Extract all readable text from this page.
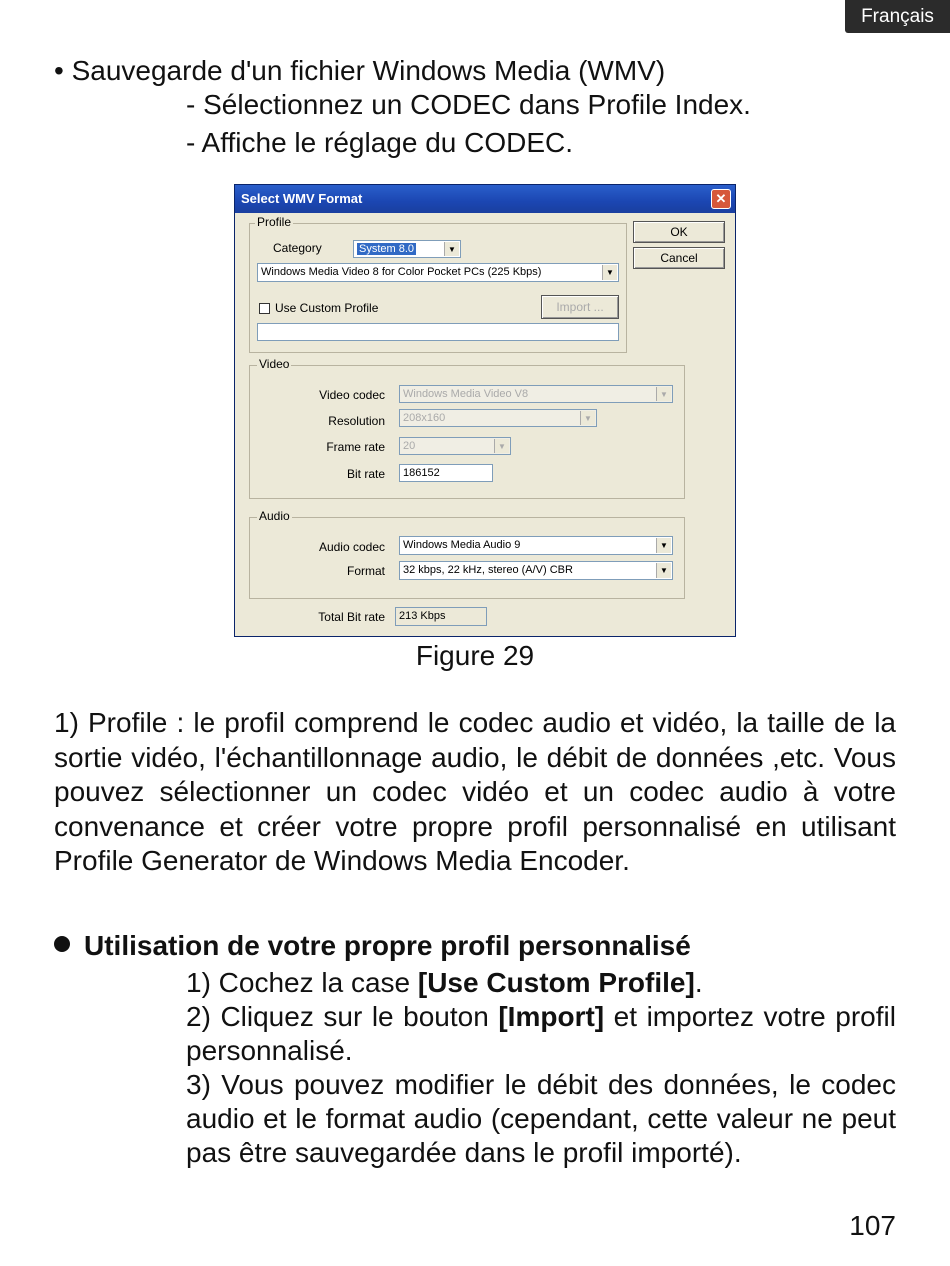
Français
• Sauvegarde d'un fichier Windows Media (WMV)
- Sélectionnez un CODEC dans Profile Index.
- Affiche le réglage du CODEC.
Select WMV Format	✕
OK
Cancel
Profile
Category	System 8.0	▼
Windows Media Video 8 for Color Pocket PCs (225 Kbps)	▼
Use Custom Profile	Import ...
Video
Video codec	Windows Media Video V8	▼
Resolution	208x160	▼
Frame rate	20	▼
Bit rate	186152
Audio
Audio codec	Windows Media Audio 9	▼
Format	32 kbps, 22 kHz, stereo (A/V) CBR	▼
Total Bit rate	213 Kbps
Figure 29
1) Profile : le profil comprend le codec audio et vidéo, la taille de la sortie vidéo, l'échantillonnage audio, le débit de données ,etc. Vous pouvez sélectionner un codec vidéo et un codec audio à votre convenance et créer votre propre profil personnalisé en utilisant Profile Generator de Windows Media Encoder.
Utilisation de votre propre profil personnalisé

1) Cochez la case [Use Custom Profile].

2) Cliquez sur le bouton [Import] et importez votre profil personnalisé.

3) Vous pouvez modifier le débit des données, le codec audio et le format audio (cependant, cette valeur ne peut pas être sauvegardée dans le profil importé).

107
